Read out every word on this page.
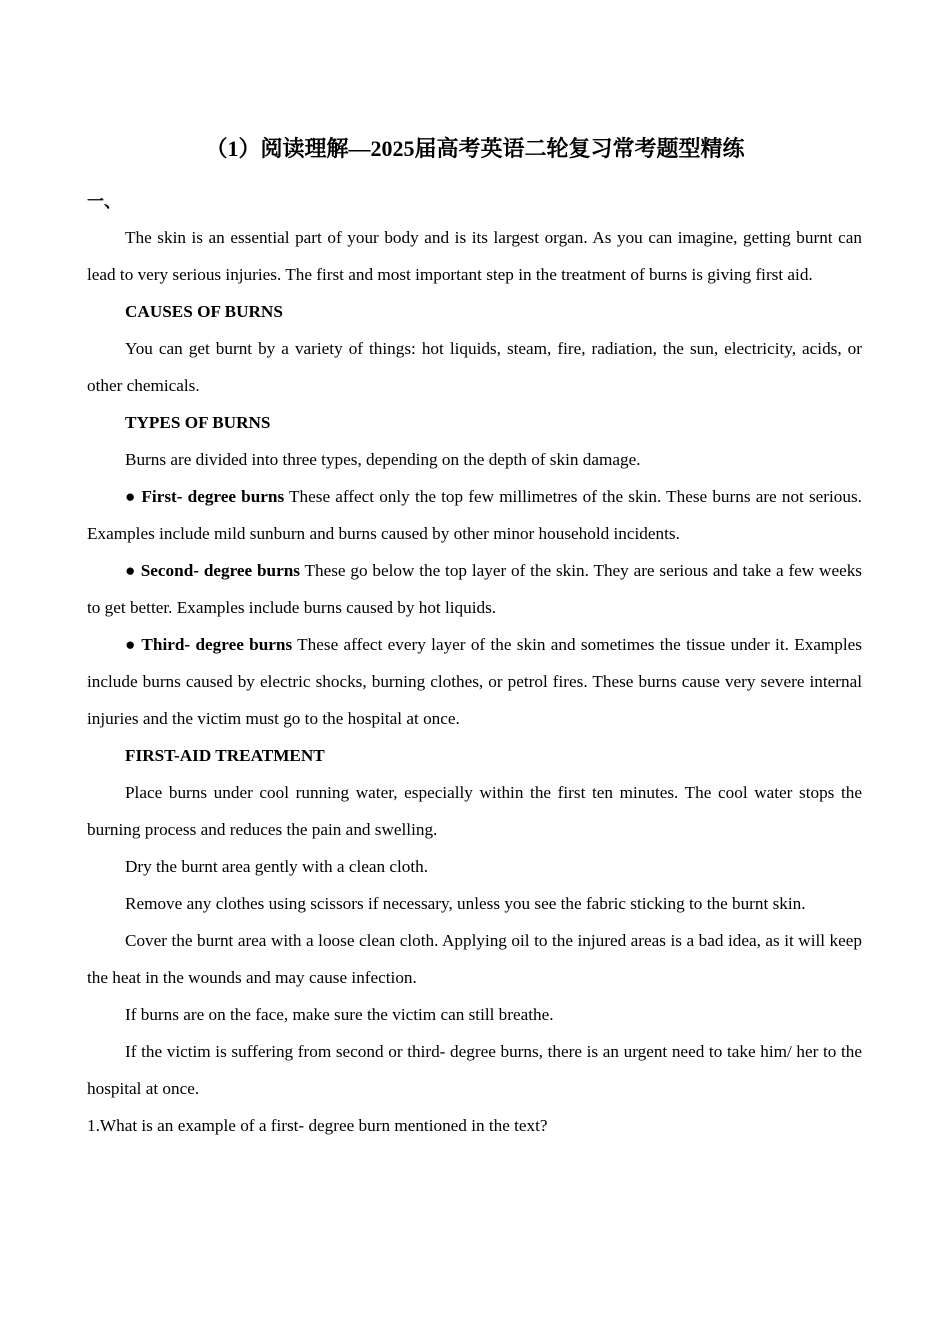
（1）阅读理解—2025届高考英语二轮复习常考题型精练
一、

The skin is an essential part of your body and is its largest organ. As you can imagine, getting burnt can lead to very serious injuries. The first and most important step in the treatment of burns is giving first aid.

CAUSES OF BURNS

You can get burnt by a variety of things: hot liquids, steam, fire, radiation, the sun, electricity, acids, or other chemicals.

TYPES OF BURNS

Burns are divided into three types, depending on the depth of skin damage.

● First- degree burns These affect only the top few millimetres of the skin. These burns are not serious. Examples include mild sunburn and burns caused by other minor household incidents.

● Second- degree burns These go below the top layer of the skin. They are serious and take a few weeks to get better. Examples include burns caused by hot liquids.

● Third- degree burns These affect every layer of the skin and sometimes the tissue under it. Examples include burns caused by electric shocks, burning clothes, or petrol fires. These burns cause very severe internal injuries and the victim must go to the hospital at once.

FIRST-AID TREATMENT

Place burns under cool running water, especially within the first ten minutes. The cool water stops the burning process and reduces the pain and swelling.

Dry the burnt area gently with a clean cloth.

Remove any clothes using scissors if necessary, unless you see the fabric sticking to the burnt skin.

Cover the burnt area with a loose clean cloth. Applying oil to the injured areas is a bad idea, as it will keep the heat in the wounds and may cause infection.

If burns are on the face, make sure the victim can still breathe.

If the victim is suffering from second or third- degree burns, there is an urgent need to take him/ her to the hospital at once.

1.What is an example of a first- degree burn mentioned in the text?
